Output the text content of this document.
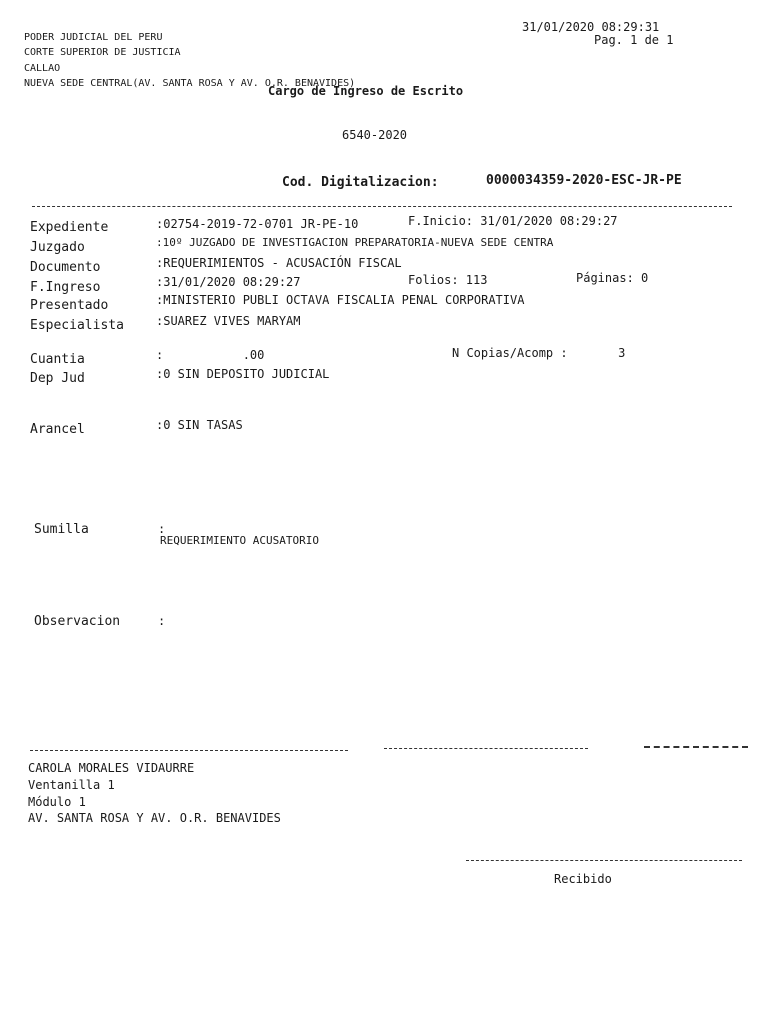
PODER JUDICIAL DEL PERU
CORTE SUPERIOR DE JUSTICIA
CALLAO
NUEVA SEDE CENTRAL(AV. SANTA ROSA Y AV. O.R. BENAVIDES)
31/01/2020 08:29:31
Pag. 1 de 1
Cargo de Ingreso de Escrito
6540-2020
Cod. Digitalizacion:	0000034359-2020-ESC-JR-PE
Expediente	:02754-2019-72-0701 JR-PE-10	F.Inicio: 31/01/2020 08:29:27
Juzgado	:10º JUZGADO DE INVESTIGACION PREPARATORIA-NUEVA SEDE CENTRA
Documento	:REQUERIMIENTOS - ACUSACIÓN FISCAL
F.Ingreso	:31/01/2020 08:29:27	Folios: 113	Páginas: 0
Presentado	:MINISTERIO PUBLI OCTAVA FISCALIA PENAL CORPORATIVA
Especialista	:SUAREZ VIVES MARYAM
Cuantia	:           .00	N Copias/Acomp :       3
Dep Jud	:0 SIN DEPOSITO JUDICIAL
Arancel	:0 SIN TASAS
Sumilla	:
REQUERIMIENTO ACUSATORIO
Observacion	:
CAROLA MORALES VIDAURRE
Ventanilla 1
Módulo 1
AV. SANTA ROSA Y AV. O.R. BENAVIDES
Recibido
